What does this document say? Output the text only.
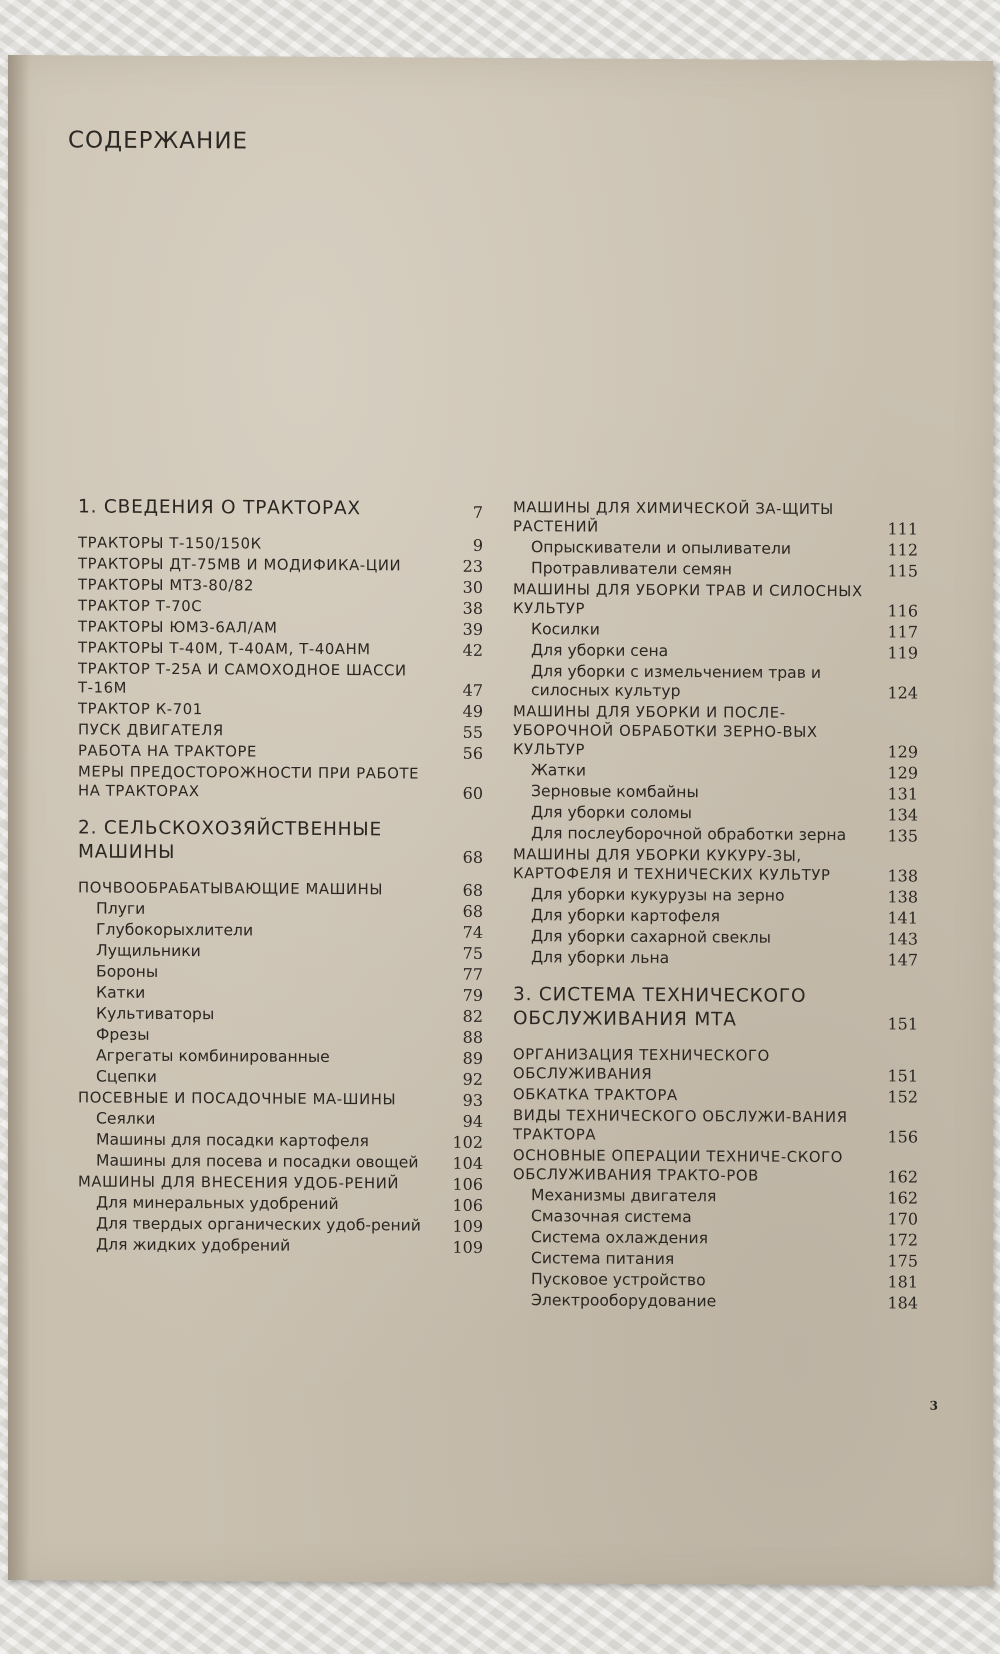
СОДЕРЖАНИЕ
1. СВЕДЕНИЯ О ТРАКТОРАХ	7
ТРАКТОРЫ Т-150/150К	9
ТРАКТОРЫ ДТ-75МВ И МОДИФИКА-ЦИИ	23
ТРАКТОРЫ МТЗ-80/82	30
ТРАКТОР Т-70С	38
ТРАКТОРЫ ЮМЗ-6АЛ/АМ	39
ТРАКТОРЫ Т-40М, Т-40АМ, Т-40АНМ	42
ТРАКТОР Т-25А И САМОХОДНОЕ ШАССИ Т-16М	47
ТРАКТОР К-701	49
ПУСК ДВИГАТЕЛЯ	55
РАБОТА НА ТРАКТОРЕ	56
МЕРЫ ПРЕДОСТОРОЖНОСТИ ПРИ РАБОТЕ НА ТРАКТОРАХ	60
2. СЕЛЬСКОХОЗЯЙСТВЕННЫЕ МАШИНЫ	68
ПОЧВООБРАБАТЫВАЮЩИЕ МАШИНЫ	68
Плуги	68
Глубокорыхлители	74
Лущильники	75
Бороны	77
Катки	79
Культиваторы	82
Фрезы	88
Агрегаты комбинированные	89
Сцепки	92
ПОСЕВНЫЕ И ПОСАДОЧНЫЕ МА-ШИНЫ	93
Сеялки	94
Машины для посадки картофеля	102
Машины для посева и посадки овощей	104
МАШИНЫ ДЛЯ ВНЕСЕНИЯ УДОБ-РЕНИЙ	106
Для минеральных удобрений	106
Для твердых органических удоб-рений	109
Для жидких удобрений	109
МАШИНЫ ДЛЯ ХИМИЧЕСКОЙ ЗА-ЩИТЫ РАСТЕНИЙ	111
Опрыскиватели и опыливатели	112
Протравливатели семян	115
МАШИНЫ ДЛЯ УБОРКИ ТРАВ И СИЛОСНЫХ КУЛЬТУР	116
Косилки	117
Для уборки сена	119
Для уборки с измельчением трав и силосных культур	124
МАШИНЫ ДЛЯ УБОРКИ И ПОСЛЕ-УБОРОЧНОЙ ОБРАБОТКИ ЗЕРНО-ВЫХ КУЛЬТУР	129
Жатки	129
Зерновые комбайны	131
Для уборки соломы	134
Для послеуборочной обработки зерна	135
МАШИНЫ ДЛЯ УБОРКИ КУКУРУ-ЗЫ, КАРТОФЕЛЯ И ТЕХНИЧЕСКИХ КУЛЬТУР	138
Для уборки кукурузы на зерно	138
Для уборки картофеля	141
Для уборки сахарной свеклы	143
Для уборки льна	147
3. СИСТЕМА ТЕХНИЧЕСКОГО ОБСЛУЖИВАНИЯ МТА	151
ОРГАНИЗАЦИЯ ТЕХНИЧЕСКОГО ОБСЛУЖИВАНИЯ	151
ОБКАТКА ТРАКТОРА	152
ВИДЫ ТЕХНИЧЕСКОГО ОБСЛУЖИ-ВАНИЯ ТРАКТОРА	156
ОСНОВНЫЕ ОПЕРАЦИИ ТЕХНИЧЕ-СКОГО ОБСЛУЖИВАНИЯ ТРАКТО-РОВ	162
Механизмы двигателя	162
Смазочная система	170
Система охлаждения	172
Система питания	175
Пусковое устройство	181
Электрооборудование	184
3
